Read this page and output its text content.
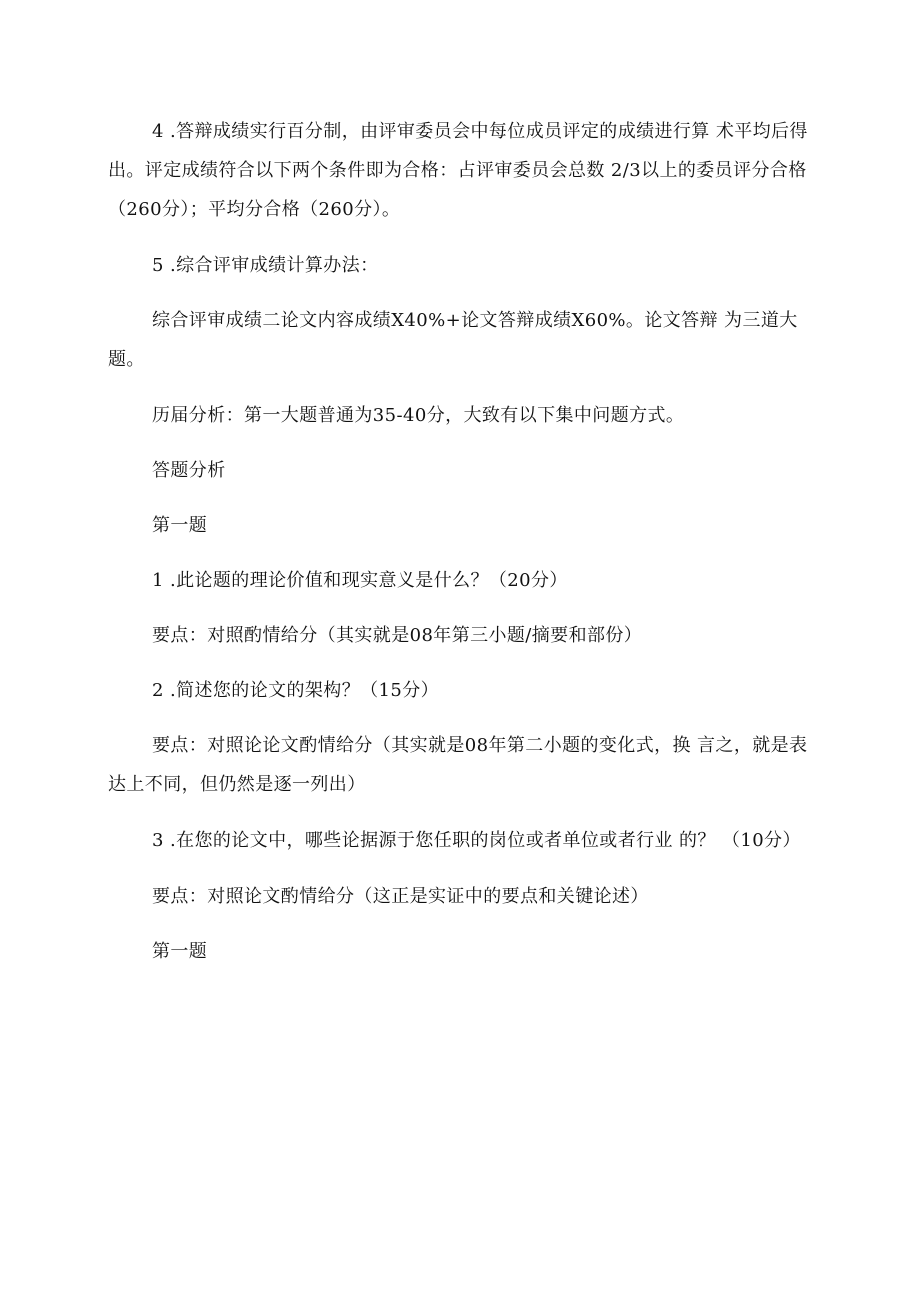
4 .答辩成绩实行百分制，由评审委员会中每位成员评定的成绩进行算 术平均后得出。评定成绩符合以下两个条件即为合格：占评审委员会总数 2/3以上的委员评分合格（260分）；平均分合格（260分）。

5 .综合评审成绩计算办法：

综合评审成绩二论文内容成绩X40%+论文答辩成绩X60%。论文答辩 为三道大题。

历届分析：第一大题普通为35-40分，大致有以下集中问题方式。

答题分析

第一题

1 .此论题的理论价值和现实意义是什么？（20分）

要点：对照酌情给分（其实就是08年第三小题/摘要和部份）

2 .简述您的论文的架构？（15分）

要点：对照论论文酌情给分（其实就是08年第二小题的变化式，换 言之，就是表达上不同，但仍然是逐一列出）

3 .在您的论文中，哪些论据源于您任职的岗位或者单位或者行业 的？ （10分）

要点：对照论文酌情给分（这正是实证中的要点和关键论述）

第一题
